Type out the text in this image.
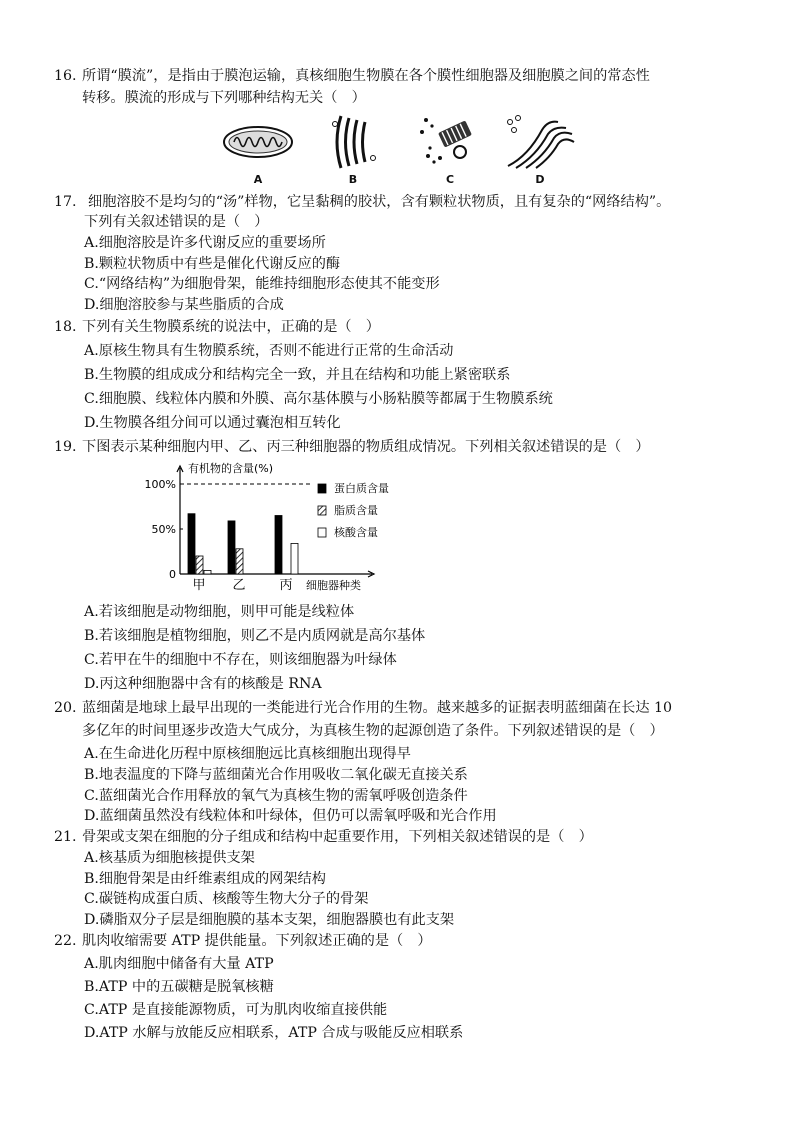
16. 所谓“膜流”，是指由于膜泡运输，真核细胞生物膜在各个膜性细胞器及细胞膜之间的常态性
转移。膜流的形成与下列哪种结构无关（　）
A	B	C	D
17. 细胞溶胶不是均匀的“汤”样物，它呈黏稠的胶状，含有颗粒状物质，且有复杂的“网络结构”。
下列有关叙述错误的是（　）
A.细胞溶胶是许多代谢反应的重要场所
B.颗粒状物质中有些是催化代谢反应的酶
C.“网络结构”为细胞骨架，能维持细胞形态使其不能变形
D.细胞溶胶参与某些脂质的合成
18. 下列有关生物膜系统的说法中，正确的是（　）
A.原核生物具有生物膜系统，否则不能进行正常的生命活动
B.生物膜的组成成分和结构完全一致，并且在结构和功能上紧密联系
C.细胞膜、线粒体内膜和外膜、高尔基体膜与小肠粘膜等都属于生物膜系统
D.生物膜各组分间可以通过囊泡相互转化
19. 下图表示某种细胞内甲、乙、丙三种细胞器的物质组成情况。下列相关叙述错误的是（　）
100%
50%
0
有机物的含量(%)
甲 乙	丙 细胞器种类
蛋白质含量
脂质含量
核酸含量
A.若该细胞是动物细胞，则甲可能是线粒体
B.若该细胞是植物细胞，则乙不是内质网就是高尔基体
C.若甲在牛的细胞中不存在，则该细胞器为叶绿体
D.丙这种细胞器中含有的核酸是 RNA
20. 蓝细菌是地球上最早出现的一类能进行光合作用的生物。越来越多的证据表明蓝细菌在长达 10
多亿年的时间里逐步改造大气成分，为真核生物的起源创造了条件。下列叙述错误的是（　）
A.在生命进化历程中原核细胞远比真核细胞出现得早
B.地表温度的下降与蓝细菌光合作用吸收二氧化碳无直接关系
C.蓝细菌光合作用释放的氧气为真核生物的需氧呼吸创造条件
D.蓝细菌虽然没有线粒体和叶绿体，但仍可以需氧呼吸和光合作用
21. 骨架或支架在细胞的分子组成和结构中起重要作用，下列相关叙述错误的是（　）
A.核基质为细胞核提供支架
B.细胞骨架是由纤维素组成的网架结构
C.碳链构成蛋白质、核酸等生物大分子的骨架
D.磷脂双分子层是细胞膜的基本支架，细胞器膜也有此支架
22. 肌肉收缩需要 ATP 提供能量。下列叙述正确的是（　）
A.肌肉细胞中储备有大量 ATP
B.ATP 中的五碳糖是脱氧核糖
C.ATP 是直接能源物质，可为肌肉收缩直接供能
D.ATP 水解与放能反应相联系，ATP 合成与吸能反应相联系
